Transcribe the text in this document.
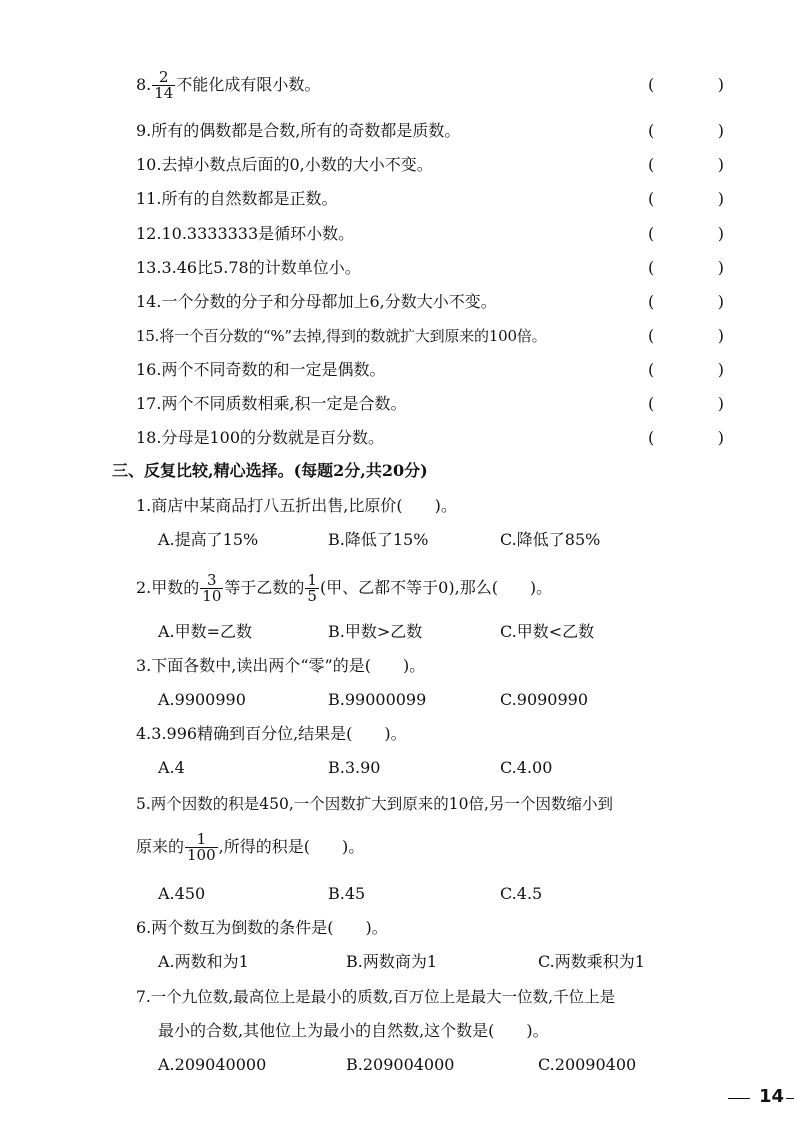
8. $\frac{2}{14}$ 不能化成有限小数。	(	)
9.所有的偶数都是合数,所有的奇数都是质数。	(	)
10.去掉小数点后面的0,小数的大小不变。	(	)
11.所有的自然数都是正数。	(	)
12.10.3333333是循环小数。	(	)
13.3.46比5.78的计数单位小。	(	)
14.一个分数的分子和分母都加上6,分数大小不变。	(	)
15.将一个百分数的“%”去掉,得到的数就扩大到原来的100倍。	(	)
16.两个不同奇数的和一定是偶数。	(	)
17.两个不同质数相乘,积一定是合数。	(	)
18.分母是100的分数就是百分数。	(	)
三、反复比较,精心选择。(每题2分,共20分)
1.商店中某商品打八五折出售,比原价(　　)。
A.提高了15%	B.降低了15%	C.降低了85%
2.甲数的 $\frac{3}{10}$ 等于乙数的 $\frac{1}{5}$ (甲、乙都不等于0),那么(　　)。
A.甲数=乙数	B.甲数>乙数	C.甲数<乙数
3.下面各数中,读出两个“零”的是(　　)。
A.9900990	B.99000099	C.9090990
4.3.996精确到百分位,结果是(　　)。
A.4	B.3.90	C.4.00
5.两个因数的积是450,一个因数扩大到原来的10倍,另一个因数缩小到
原来的 $\frac{1}{100}$ ,所得的积是(　　)。
A.450	B.45	C.4.5
6.两个数互为倒数的条件是(　　)。
A.两数和为1	B.两数商为1	C.两数乘积为1
7.一个九位数,最高位上是最小的质数,百万位上是最大一位数,千位上是
最小的合数,其他位上为最小的自然数,这个数是(　　)。
A.209040000	B.209004000	C.20090400
14
